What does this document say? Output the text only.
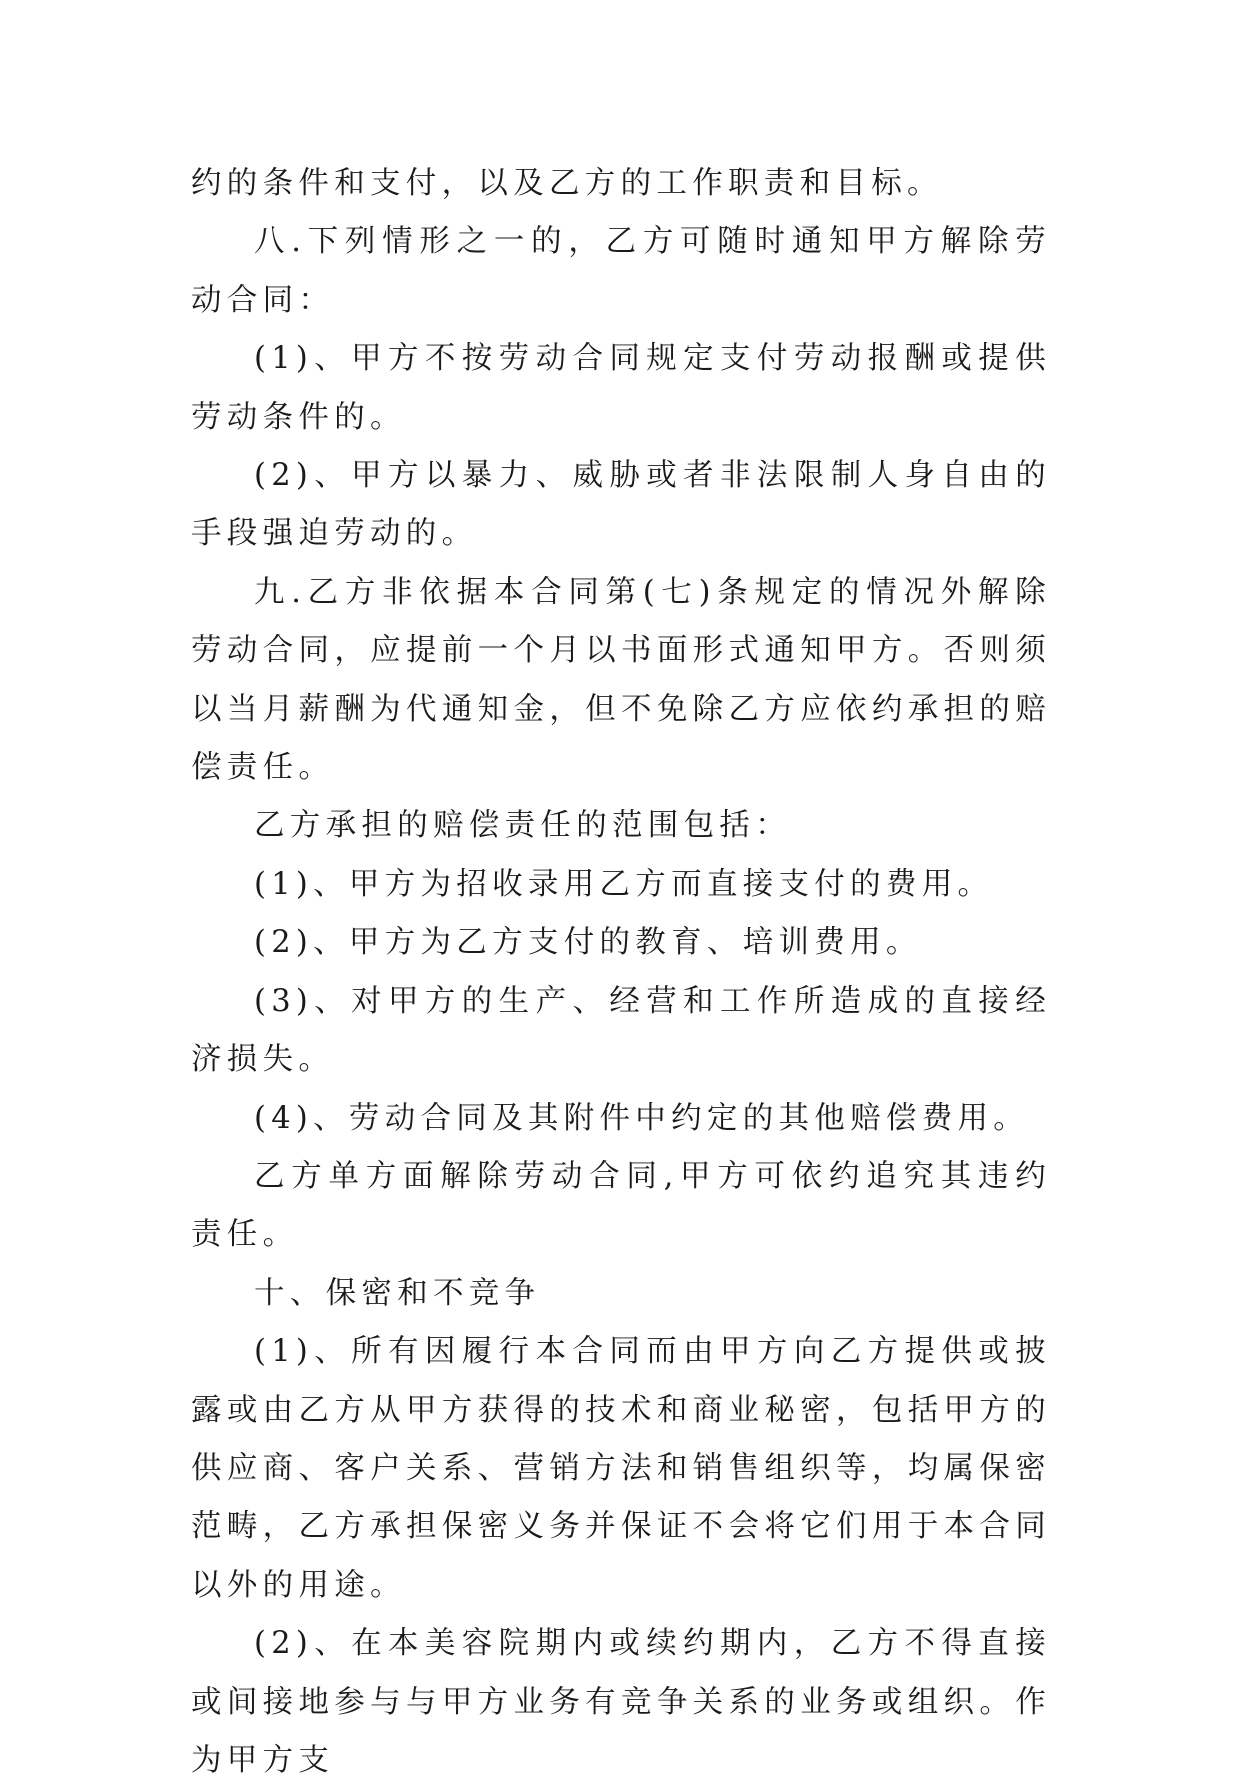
约的条件和支付，以及乙方的工作职责和目标。

八.下列情形之一的，乙方可随时通知甲方解除劳动合同：

(1)、甲方不按劳动合同规定支付劳动报酬或提供劳动条件的。

(2)、甲方以暴力、威胁或者非法限制人身自由的手段强迫劳动的。

九.乙方非依据本合同第(七)条规定的情况外解除劳动合同，应提前一个月以书面形式通知甲方。否则须以当月薪酬为代通知金，但不免除乙方应依约承担的赔偿责任。

乙方承担的赔偿责任的范围包括：

(1)、甲方为招收录用乙方而直接支付的费用。

(2)、甲方为乙方支付的教育、培训费用。

(3)、对甲方的生产、经营和工作所造成的直接经济损失。

(4)、劳动合同及其附件中约定的其他赔偿费用。

乙方单方面解除劳动合同,甲方可依约追究其违约责任。

十、保密和不竞争

(1)、所有因履行本合同而由甲方向乙方提供或披露或由乙方从甲方获得的技术和商业秘密，包括甲方的供应商、客户关系、营销方法和销售组织等，均属保密范畴，乙方承担保密义务并保证不会将它们用于本合同以外的用途。

(2)、在本美容院期内或续约期内，乙方不得直接或间接地参与与甲方业务有竞争关系的业务或组织。作为甲方支
